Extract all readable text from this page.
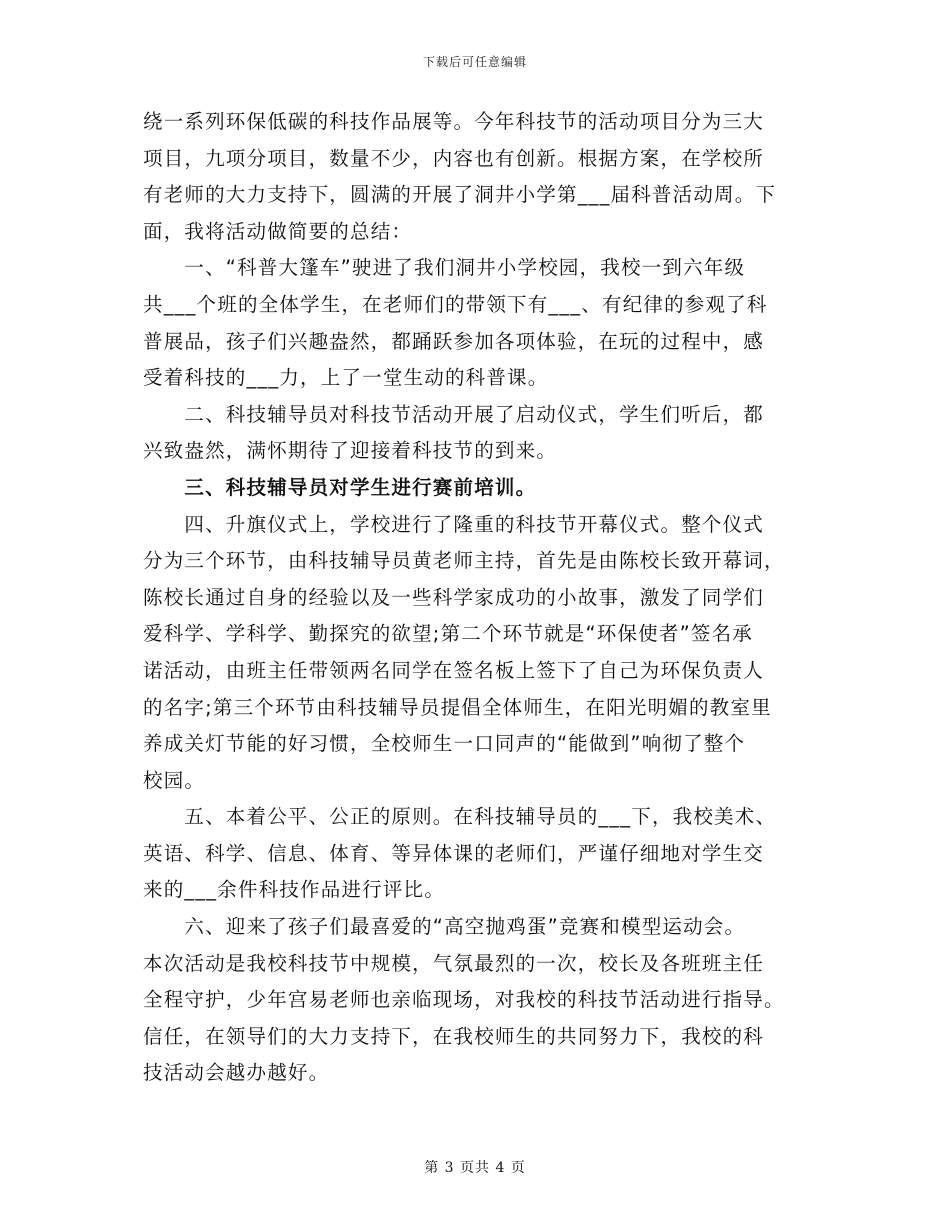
下载后可任意编辑
绕一系列环保低碳的科技作品展等。今年科技节的活动项目分为三大
项目，九项分项目，数量不少，内容也有创新。根据方案，在学校所
有老师的大力支持下，圆满的开展了洞井小学第___届科普活动周。下
面，我将活动做简要的总结：
　　一、“科普大篷车”驶进了我们洞井小学校园，我校一到六年级
共___个班的全体学生，在老师们的带领下有___、有纪律的参观了科
普展品，孩子们兴趣盎然，都踊跃参加各项体验，在玩的过程中，感
受着科技的___力，上了一堂生动的科普课。
　　二、科技辅导员对科技节活动开展了启动仪式，学生们听后，都
兴致盎然，满怀期待了迎接着科技节的到来。
　　三、科技辅导员对学生进行赛前培训。
　　四、升旗仪式上，学校进行了隆重的科技节开幕仪式。整个仪式
分为三个环节，由科技辅导员黄老师主持，首先是由陈校长致开幕词，
陈校长通过自身的经验以及一些科学家成功的小故事，激发了同学们
爱科学、学科学、勤探究的欲望;第二个环节就是“环保使者”签名承
诺活动，由班主任带领两名同学在签名板上签下了自己为环保负责人
的名字;第三个环节由科技辅导员提倡全体师生，在阳光明媚的教室里
养成关灯节能的好习惯，全校师生一口同声的“能做到”响彻了整个
校园。
　　五、本着公平、公正的原则。在科技辅导员的___下，我校美术、
英语、科学、信息、体育、等异体课的老师们，严谨仔细地对学生交
来的___余件科技作品进行评比。
　　六、迎来了孩子们最喜爱的“高空抛鸡蛋”竞赛和模型运动会。
本次活动是我校科技节中规模，气氛最烈的一次，校长及各班班主任
全程守护，少年宫易老师也亲临现场，对我校的科技节活动进行指导。
信任，在领导们的大力支持下，在我校师生的共同努力下，我校的科
技活动会越办越好。
第 3 页共 4 页
